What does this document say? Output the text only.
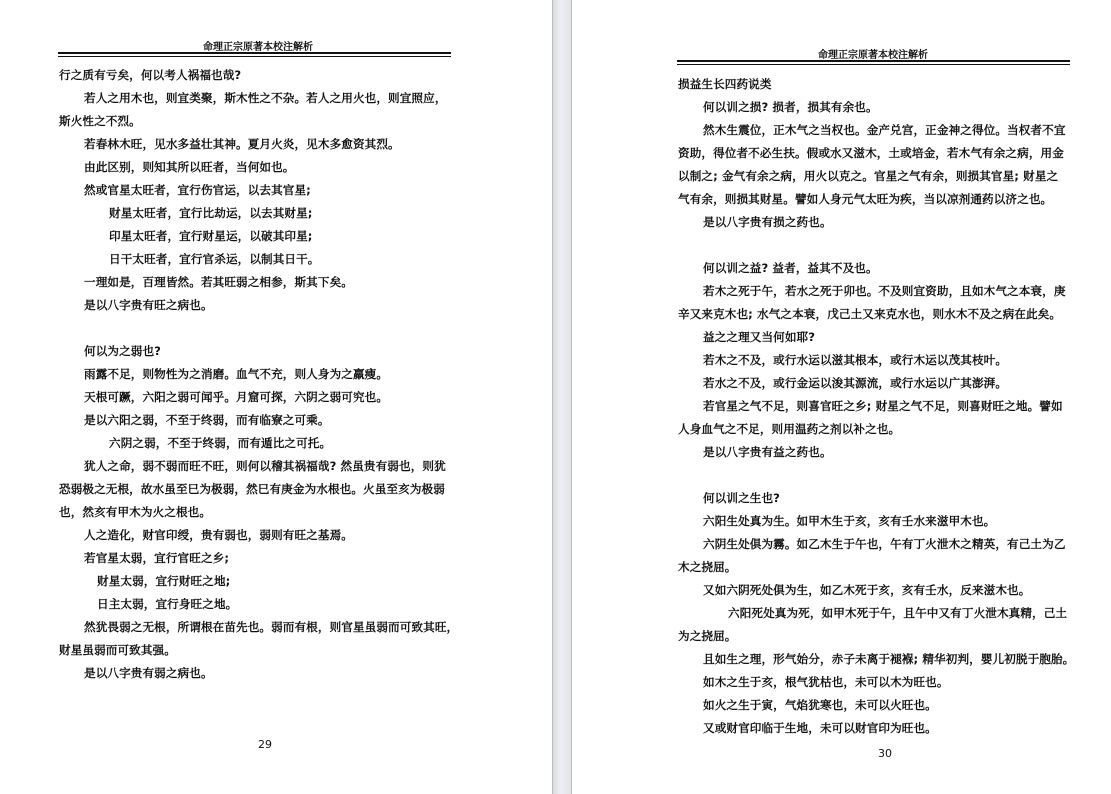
命理正宗原著本校注解析

行之质有亏矣，何以考人祸福也哉?

若人之用木也，则宜类聚，斯木性之不杂。若人之用火也，则宜照应，

斯火性之不烈。

若春林木旺，见水多益壮其神。夏月火炎，见木多愈资其烈。

由此区别，则知其所以旺者，当何如也。

然或官星太旺者，宜行伤官运，以去其官星;

财星太旺者，宜行比劫运，以去其财星;

印星太旺者，宜行财星运，以破其印星;

日干太旺者，宜行官杀运，以制其日干。

一理如是，百理皆然。若其旺弱之相参，斯其下矣。

是以八字贵有旺之病也。

何以为之弱也?

雨露不足，则物性为之消磨。血气不充，则人身为之羸瘦。

天根可蹶，六阳之弱可闻乎。月窟可探，六阴之弱可究也。

是以六阳之弱，不至于终弱，而有临寮之可乘。

六阴之弱，不至于终弱，而有遁比之可托。

犹人之命，弱不弱而旺不旺，则何以稽其祸福哉? 然虽贵有弱也，则犹

恐弱极之无根，故水虽至巳为极弱，然巳有庚金为水根也。火虽至亥为极弱

也，然亥有甲木为火之根也。

人之造化，财官印绶，贵有弱也，弱则有旺之基焉。

若官星太弱，宜行官旺之乡;

财星太弱，宜行财旺之地;

日主太弱，宜行身旺之地。

然犹畏弱之无根，所谓根在苗先也。弱而有根，则官星虽弱而可致其旺，

财星虽弱而可致其强。

是以八字贵有弱之病也。

29
命理正宗原著本校注解析

损益生长四药说类

何以训之损? 损者，损其有余也。

然木生震位，正木气之当权也。金产兑宫，正金神之得位。当权者不宜

资助，得位者不必生扶。假或水又滋木，土或培金，若木气有余之病，用金

以制之; 金气有余之病，用火以克之。官星之气有余，则损其官星; 财星之

气有余，则损其财星。譬如人身元气太旺为疾，当以凉剂通药以济之也。

是以八字贵有损之药也。

何以训之益? 益者，益其不及也。

若木之死于午，若水之死于卯也。不及则宜资助，且如木气之本衰，庚

辛又来克木也; 水气之本衰，戊己土又来克水也，则水木不及之病在此矣。

益之之理又当何如耶?

若木之不及，或行水运以滋其根本，或行木运以茂其枝叶。

若水之不及，或行金运以浚其源流，或行水运以广其澎湃。

若官星之气不足，则喜官旺之乡; 财星之气不足，则喜财旺之地。譬如

人身血气之不足，则用温药之剂以补之也。

是以八字贵有益之药也。

何以训之生也?

六阳生处真为生。如甲木生于亥，亥有壬水来滋甲木也。

六阴生处俱为霧。如乙木生于午也，午有丁火泄木之精英，有己土为乙

木之挠屈。

又如六阴死处俱为生，如乙木死于亥，亥有壬水，反来滋木也。

六阳死处真为死，如甲木死于午，且午中又有丁火泄木真精，己土

为之挠屈。

且如生之理，形气始分，赤子未离于褪褓; 精华初判，婴儿初脱于胞胎。

如木之生于亥，根气犹枯也，未可以木为旺也。

如火之生于寅，气焰犹寒也，未可以火旺也。

又或财官印临于生地，未可以财官印为旺也。

30
